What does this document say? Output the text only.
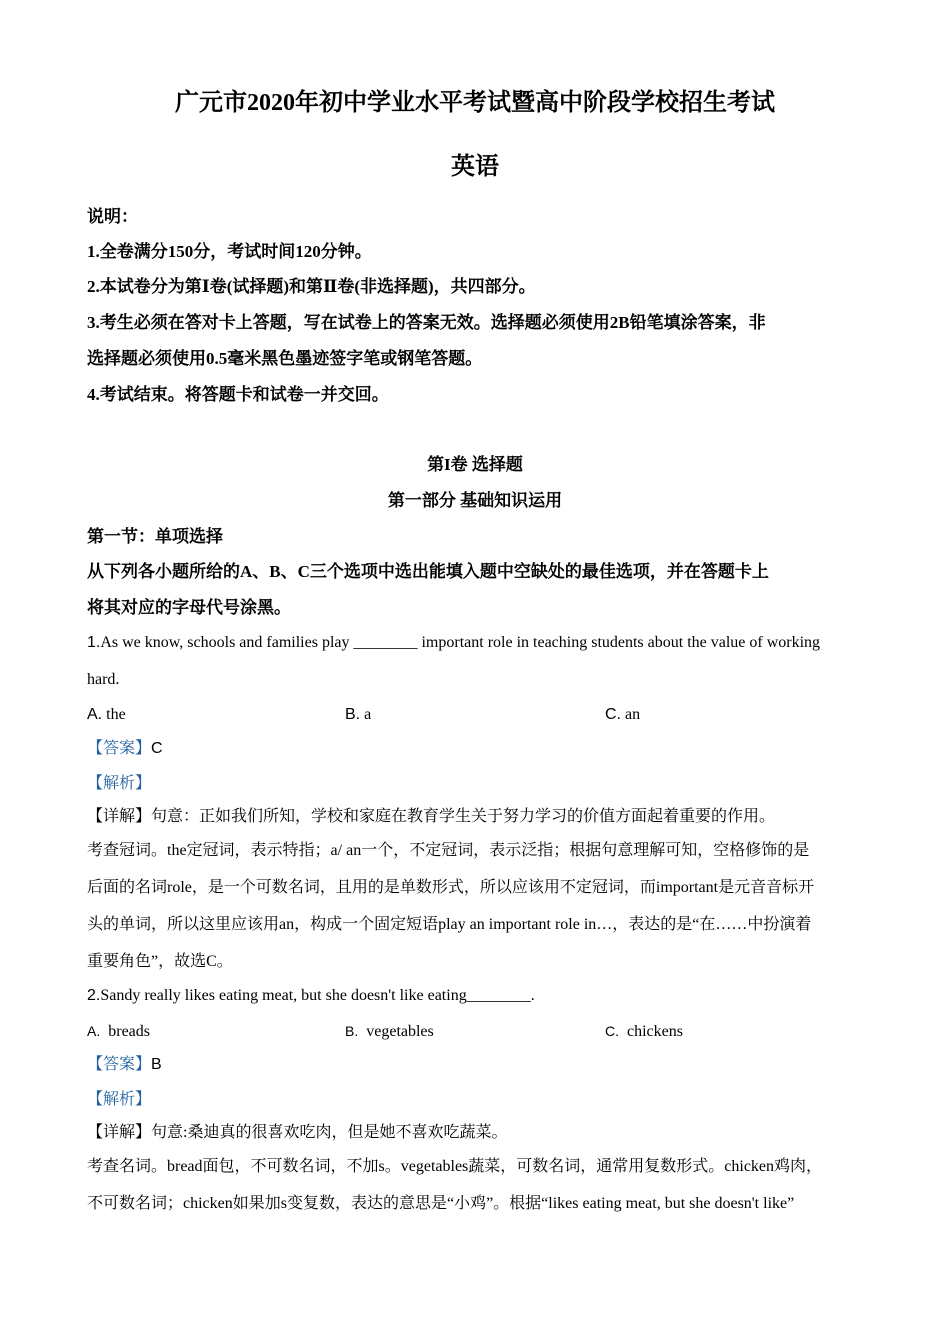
广元市2020年初中学业水平考试暨高中阶段学校招生考试
英语
说明：
1.全卷满分150分，考试时间120分钟。
2.本试卷分为第Ⅰ卷(试择题)和第Ⅱ卷(非选择题)，共四部分。
3.考生必须在答对卡上答题，写在试卷上的答案无效。选择题必须使用2B铅笔填涂答案，非
选择题必须使用0.5毫米黑色墨迹签字笔或钢笔答题。
4.考试结束。将答题卡和试卷一并交回。
第I卷 选择题
第一部分 基础知识运用
第一节：单项选择
从下列各小题所给的A、B、C三个选项中选出能填入题中空缺处的最佳选项，并在答题卡上
将其对应的字母代号涂黑。
1.As we know, schools and families play ________ important role in teaching students about the value of working
hard.
A. the	B. a	C. an
【答案】C
【解析】
【详解】句意：正如我们所知，学校和家庭在教育学生关于努力学习的价值方面起着重要的作用。
考查冠词。the定冠词，表示特指；a/ an一个，不定冠词，表示泛指；根据句意理解可知，空格修饰的是
后面的名词role，是一个可数名词，且用的是单数形式，所以应该用不定冠词，而important是元音音标开
头的单词，所以这里应该用an，构成一个固定短语play an important role in…，表达的是“在……中扮演着
重要角色”，故选C。
2.Sandy really likes eating meat, but she doesn't like eating________.
A. breads	B. vegetables	C. chickens
【答案】B
【解析】
【详解】句意:桑迪真的很喜欢吃肉，但是她不喜欢吃蔬菜。
考查名词。bread面包，不可数名词，不加s。vegetables蔬菜，可数名词，通常用复数形式。chicken鸡肉，
不可数名词；chicken如果加s变复数，表达的意思是“小鸡”。根据“likes eating meat, but she doesn't like”
